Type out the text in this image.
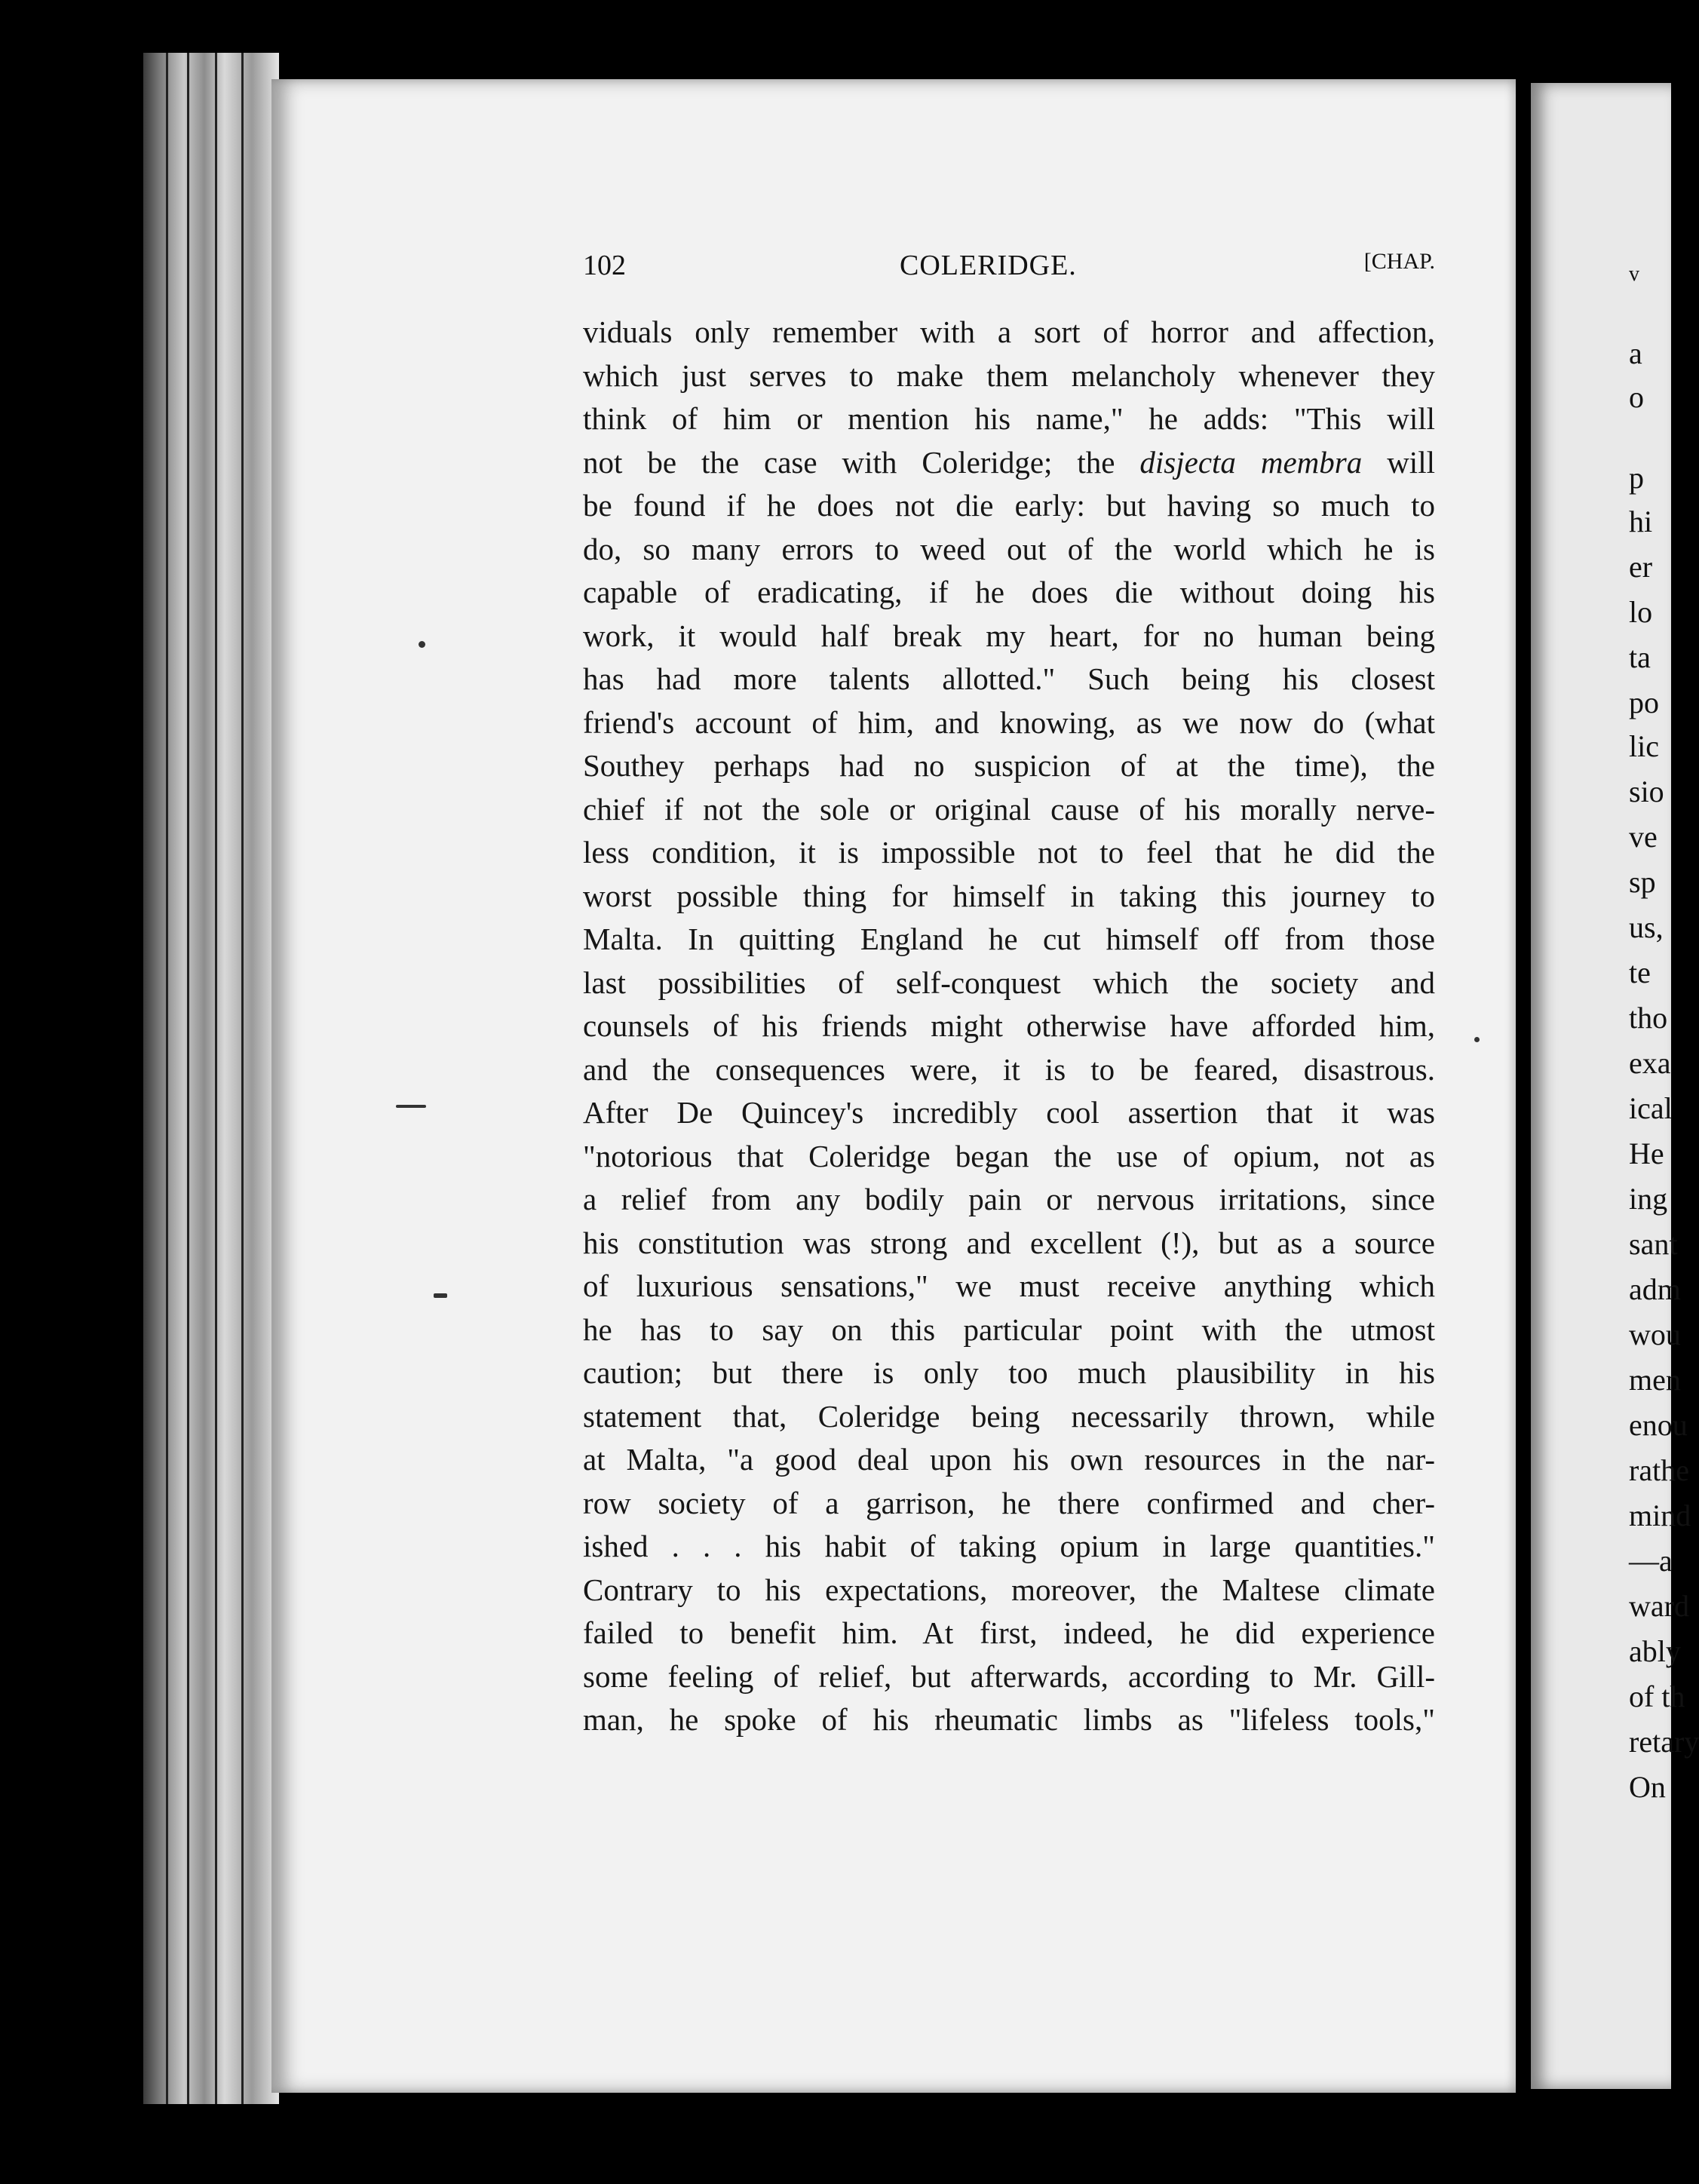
102	COLERIDGE.	[CHAP.
viduals only remember with a sort of horror and affection,
which just serves to make them melancholy whenever they
think of him or mention his name," he adds: "This will
not be the case with Coleridge; the disjecta membra will
be found if he does not die early: but having so much to
do, so many errors to weed out of the world which he is
capable of eradicating, if he does die without doing his
work, it would half break my heart, for no human being
has had more talents allotted." Such being his closest
friend's account of him, and knowing, as we now do (what
Southey perhaps had no suspicion of at the time), the
chief if not the sole or original cause of his morally nerve-
less condition, it is impossible not to feel that he did the
worst possible thing for himself in taking this journey to
Malta. In quitting England he cut himself off from those
last possibilities of self-conquest which the society and
counsels of his friends might otherwise have afforded him,
and the consequences were, it is to be feared, disastrous.
After De Quincey's incredibly cool assertion that it was
"notorious that Coleridge began the use of opium, not as
a relief from any bodily pain or nervous irritations, since
his constitution was strong and excellent (!), but as a source
of luxurious sensations," we must receive anything which
he has to say on this particular point with the utmost
caution; but there is only too much plausibility in his
statement that, Coleridge being necessarily thrown, while
at Malta, "a good deal upon his own resources in the nar-
row society of a garrison, he there confirmed and cher-
ished . . . his habit of taking opium in large quantities."
Contrary to his expectations, moreover, the Maltese climate
failed to benefit him. At first, indeed, he did experience
some feeling of relief, but afterwards, according to Mr. Gill-
man, he spoke of his rheumatic limbs as "lifeless tools,"
v
a
o
p
hi
er
lo
ta
po
lic
sio
ve
sp
us,
te
tho
exa
ical
He
ing
sant
adm
wou
men
enou
rathe
mind
—a
ward
ably
of th
retary
On
